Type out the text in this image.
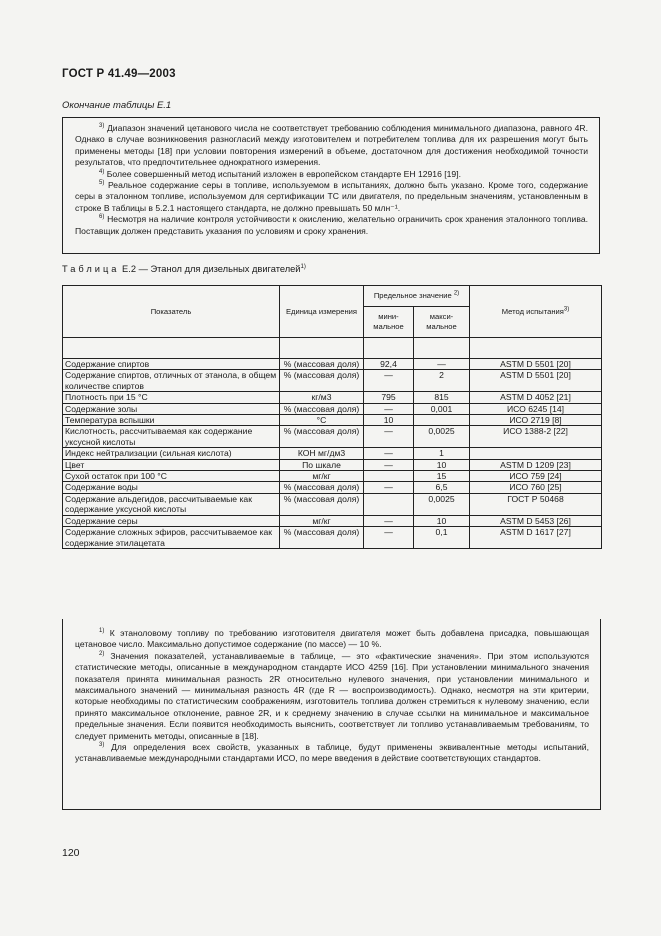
ГОСТ Р 41.49—2003
Окончание таблицы Е.1

$^{3)}$ Диапазон значений цетанового числа не соответствует требованию соблюдения минимального диапазона, равного 4R. Однако в случае возникновения разногласий между изготовителем и потребителем топлива для их разрешения могут быть применены методы [18] при условии повторения измерений в объеме, достаточном для достижения необходимой точности результатов, что предпочтительнее однократного измерения.

$^{4)}$ Более совершенный метод испытаний изложен в европейском стандарте ЕН 12916 [19].

$^{5)}$ Реальное содержание серы в топливе, используемом в испытаниях, должно быть указано. Кроме того, содержание серы в эталонном топливе, используемом для сертификации ТС или двигателя, по предельным значениям, установленным в строке В таблицы в 5.2.1 настоящего стандарта, не должно превышать 50 млн⁻¹.

$^{6)}$ Несмотря на наличие контроля устойчивости к окислению, желательно ограничить срок хранения эталонного топлива. Поставщик должен представить указания по условиям и сроку хранения.

Таблица Е.2 — Этанол для дизельных двигателей$^{1)}$
Показатель	Единица измерения	Предельное значение $^{2)}$		Метод испытания$^{3)}$
		мини-мальное	макси-мальное	

Содержание спиртов	% (массовая доля)	92,4	—	ASTM D 5501 [20]
Содержание спиртов, отличных от этанола, в общем количестве спиртов	% (массовая доля)	—	2	ASTM D 5501 [20]
Плотность при 15 °С	кг/м3	795	815	ASTM D 4052 [21]
Содержание золы	% (массовая доля)	—	0,001	ИСО 6245 [14]
Температура вспышки	°С	10		ИСО 2719 [8]
Кислотность, рассчитываемая как содержание уксусной кислоты	% (массовая доля)	—	0,0025	ИСО 1388-2 [22]
Индекс нейтрализации (сильная кислота)	КОН мг/дм3	—	1	
Цвет	По шкале	—	10	ASTM D 1209 [23]
Сухой остаток при 100 °С	мг/кг		15	ИСО 759 [24]
Содержание воды	% (массовая доля)	—	6,5	ИСО 760 [25]
Содержание альдегидов, рассчитываемые как содержание уксусной кислоты	% (массовая доля)		0,0025	ГОСТ Р 50468
Содержание серы	мг/кг	—	10	ASTM D 5453 [26]
Содержание сложных эфиров, рассчитываемое как содержание этилацетата	% (массовая доля)	—	0,1	ASTM D 1617 [27]

$^{1)}$ К этаноловому топливу по требованию изготовителя двигателя может быть добавлена присадка, повышающая цетановое число. Максимально допустимое содержание (по массе) — 10 %.

$^{2)}$ Значения показателей, устанавливаемые в таблице, — это «фактические значения». При этом используются статистические методы, описанные в международном стандарте ИСО 4259 [16]. При установлении минимального значения показателя принята минимальная разность 2R относительно нулевого значения, при установлении минимального и максимального значений — минимальная разность 4R (где R — воспроизводимость). Однако, несмотря на эти критерии, которые необходимы по статистическим соображениям, изготовитель топлива должен стремиться к нулевому значению, если принято максимальное отклонение, равное 2R, и к среднему значению в случае ссылки на минимальное и максимальное предельные значения. Если появится необходимость выяснить, соответствует ли топливо устанавливаемым требованиям, то следует применить методы, описанные в [18].

$^{3)}$ Для определения всех свойств, указанных в таблице, будут применены эквивалентные методы испытаний, устанавливаемые международными стандартами ИСО, по мере введения в действие соответствующих стандартов.

120
